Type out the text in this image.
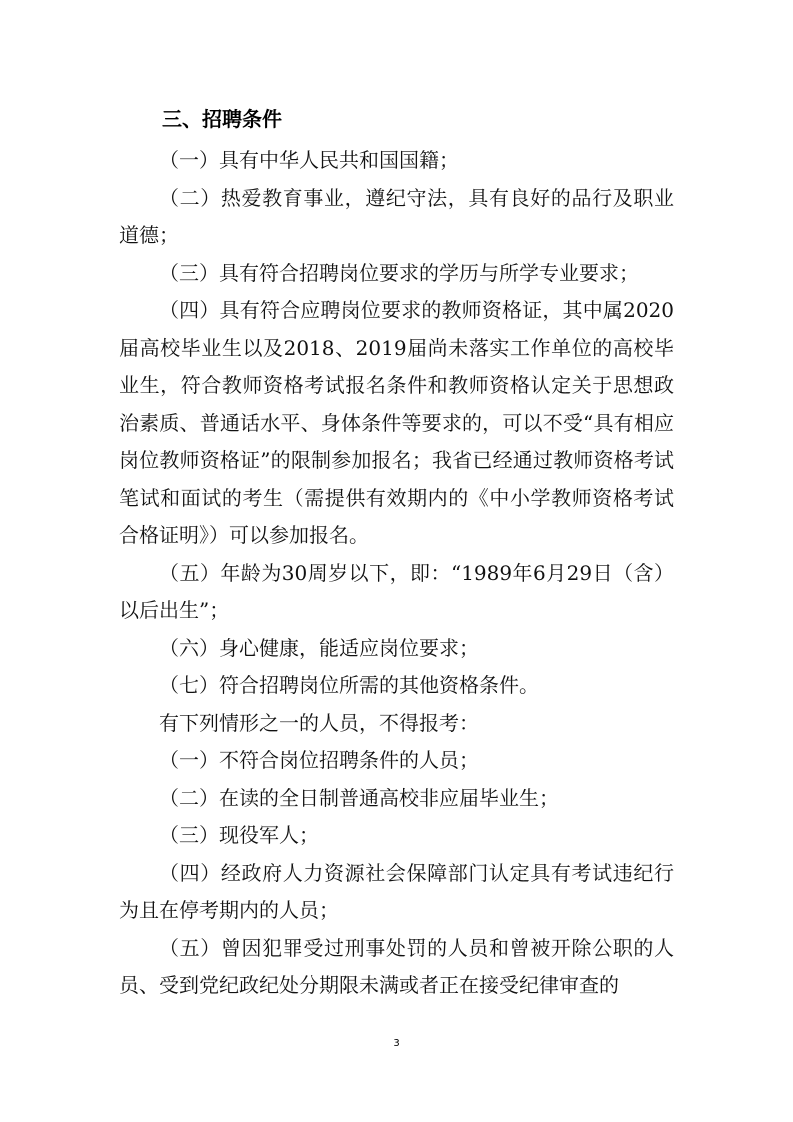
三、招聘条件

（一）具有中华人民共和国国籍；

（二）热爱教育事业，遵纪守法，具有良好的品行及职业道德；

（三）具有符合招聘岗位要求的学历与所学专业要求；

（四）具有符合应聘岗位要求的教师资格证，其中属2020届高校毕业生以及2018、2019届尚未落实工作单位的高校毕业生，符合教师资格考试报名条件和教师资格认定关于思想政治素质、普通话水平、身体条件等要求的，可以不受“具有相应岗位教师资格证”的限制参加报名；我省已经通过教师资格考试笔试和面试的考生（需提供有效期内的《中小学教师资格考试合格证明》）可以参加报名。

（五）年龄为30周岁以下，即：“1989年6月29日（含）以后出生”；

（六）身心健康，能适应岗位要求；

（七）符合招聘岗位所需的其他资格条件。

有下列情形之一的人员，不得报考：

（一）不符合岗位招聘条件的人员；

（二）在读的全日制普通高校非应届毕业生；

（三）现役军人；

（四）经政府人力资源社会保障部门认定具有考试违纪行为且在停考期内的人员；

（五）曾因犯罪受过刑事处罚的人员和曾被开除公职的人员、受到党纪政纪处分期限未满或者正在接受纪律审查的

3
